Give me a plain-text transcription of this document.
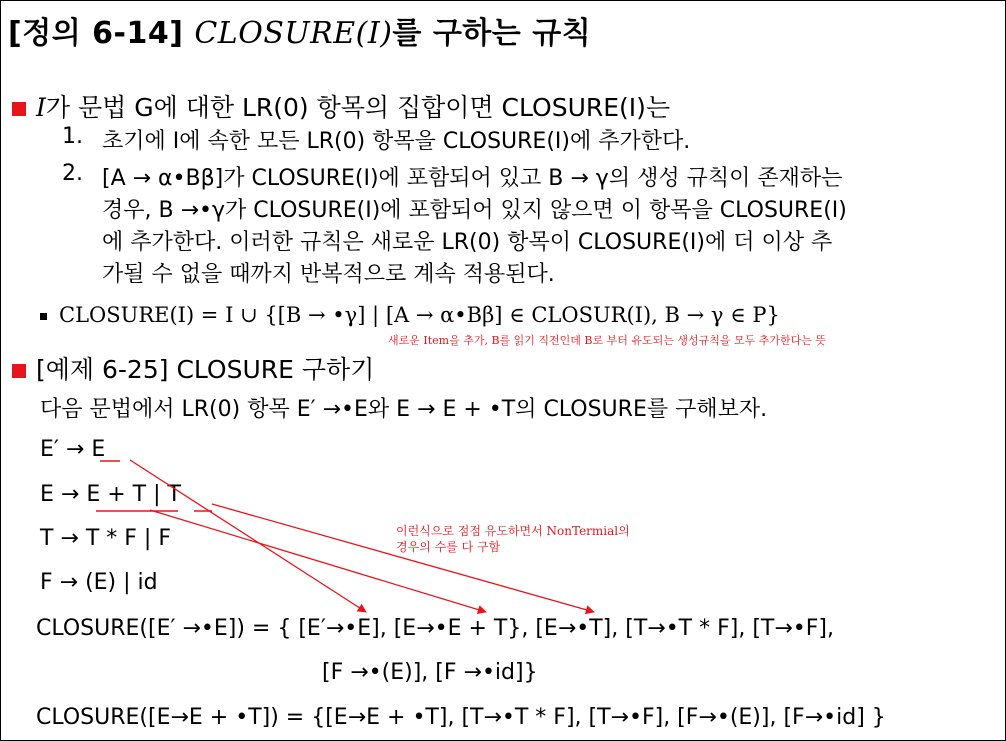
[정의 6-14] CLOSURE(I)를 구하는 규칙
I가 문법 G에 대한 LR(0) 항목의 집합이면 CLOSURE(I)는
1. 초기에 I에 속한 모든 LR(0) 항목을 CLOSURE(I)에 추가한다.
2. [A → α•Bβ]가 CLOSURE(I)에 포함되어 있고 B → γ의 생성 규칙이 존재하는
경우, B →•γ가 CLOSURE(I)에 포함되어 있지 않으면 이 항목을 CLOSURE(I)
에 추가한다. 이러한 규칙은 새로운 LR(0) 항목이 CLOSURE(I)에 더 이상 추
가될 수 없을 때까지 반복적으로 계속 적용된다.
CLOSURE(I) = I ∪ {[B → •γ] | [A → α•Bβ] ∈ CLOSUR(I), B → γ ∈ P}
새로운 Item을 추가, B를 읽기 직전인데 B로 부터 유도되는 생성규칙을 모두 추가한다는 뜻
[예제 6-25] CLOSURE 구하기
다음 문법에서 LR(0) 항목 E′ →•E와 E → E + •T의 CLOSURE를 구해보자.
E′ → E
E → E + T | T
T → T * F | F
F → (E) | id
이런식으로 점점 유도하면서 NonTermial의
경우의 수를 다 구함
CLOSURE([E′ →•E]) = { [E′→•E], [E→•E + T}, [E→•T], [T→•T * F], [T→•F],
[F →•(E)], [F →•id]}
CLOSURE([E→E + •T]) = {[E→E + •T], [T→•T * F], [T→•F], [F→•(E)], [F→•id] }
